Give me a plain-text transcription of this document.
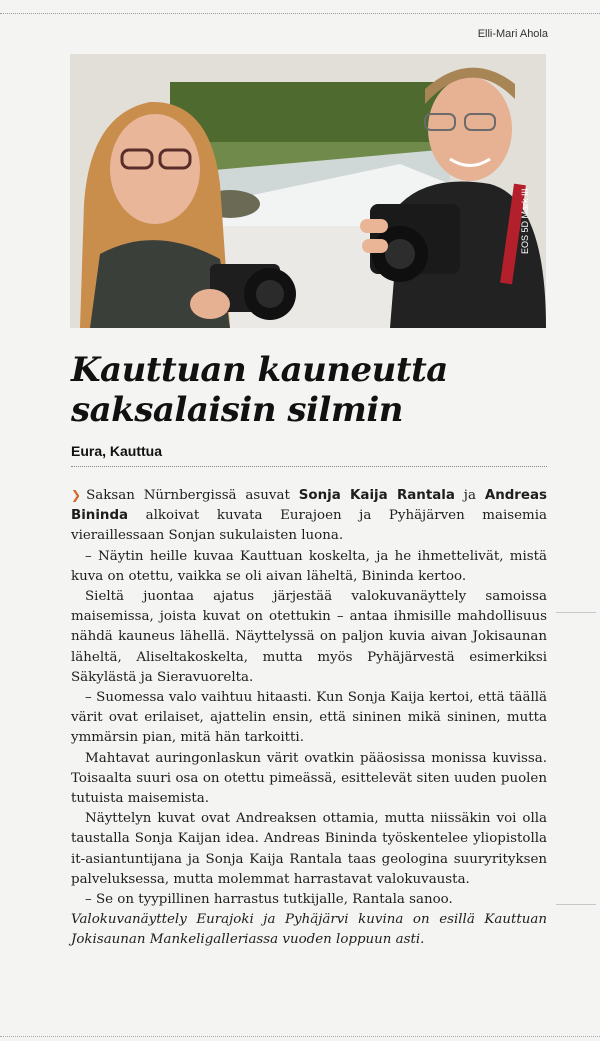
Elli-Mari Ahola
EOS 5D Mark III
Kauttuan kauneutta
saksalaisin silmin
Eura, Kauttua

❯ Saksan Nürnbergissä asuvat Sonja Kaija Rantala ja Andreas Bininda alkoivat kuvata Eurajoen ja Pyhäjärven maisemia vieraillessaan Sonjan sukulaisten luona.

– Näytin heille kuvaa Kauttuan koskelta, ja he ihmettelivät, mistä kuva on otettu, vaikka se oli aivan läheltä, Bininda kertoo.

Sieltä juontaa ajatus järjestää valokuvanäyttely samoissa maisemissa, joista kuvat on otettukin – antaa ihmisille mahdollisuus nähdä kauneus lähellä. Näyttelyssä on paljon kuvia aivan Jokisaunan läheltä, Aliseltakoskelta, mutta myös Pyhäjärvestä esimerkiksi Säkylästä ja Sieravuorelta.

– Suomessa valo vaihtuu hitaasti. Kun Sonja Kaija kertoi, että täällä värit ovat erilaiset, ajattelin ensin, että sininen mikä sininen, mutta ymmärsin pian, mitä hän tarkoitti.

Mahtavat auringonlaskun värit ovatkin pääosissa monissa kuvissa. Toisaalta suuri osa on otettu pimeässä, esittelevät siten uuden puolen tutuista maisemista.

Näyttelyn kuvat ovat Andreaksen ottamia, mutta niissäkin voi olla taustalla Sonja Kaijan idea. Andreas Bininda työskentelee yliopistolla it-asiantuntijana ja Sonja Kaija Rantala taas geologina suuryrityksen palveluksessa, mutta molemmat harrastavat valokuvausta.

– Se on tyypillinen harrastus tutkijalle, Rantala sanoo.

Valokuvanäyttely Eurajoki ja Pyhäjärvi kuvina on esillä Kauttuan Jokisaunan Mankeligalleriassa vuoden loppuun asti.
